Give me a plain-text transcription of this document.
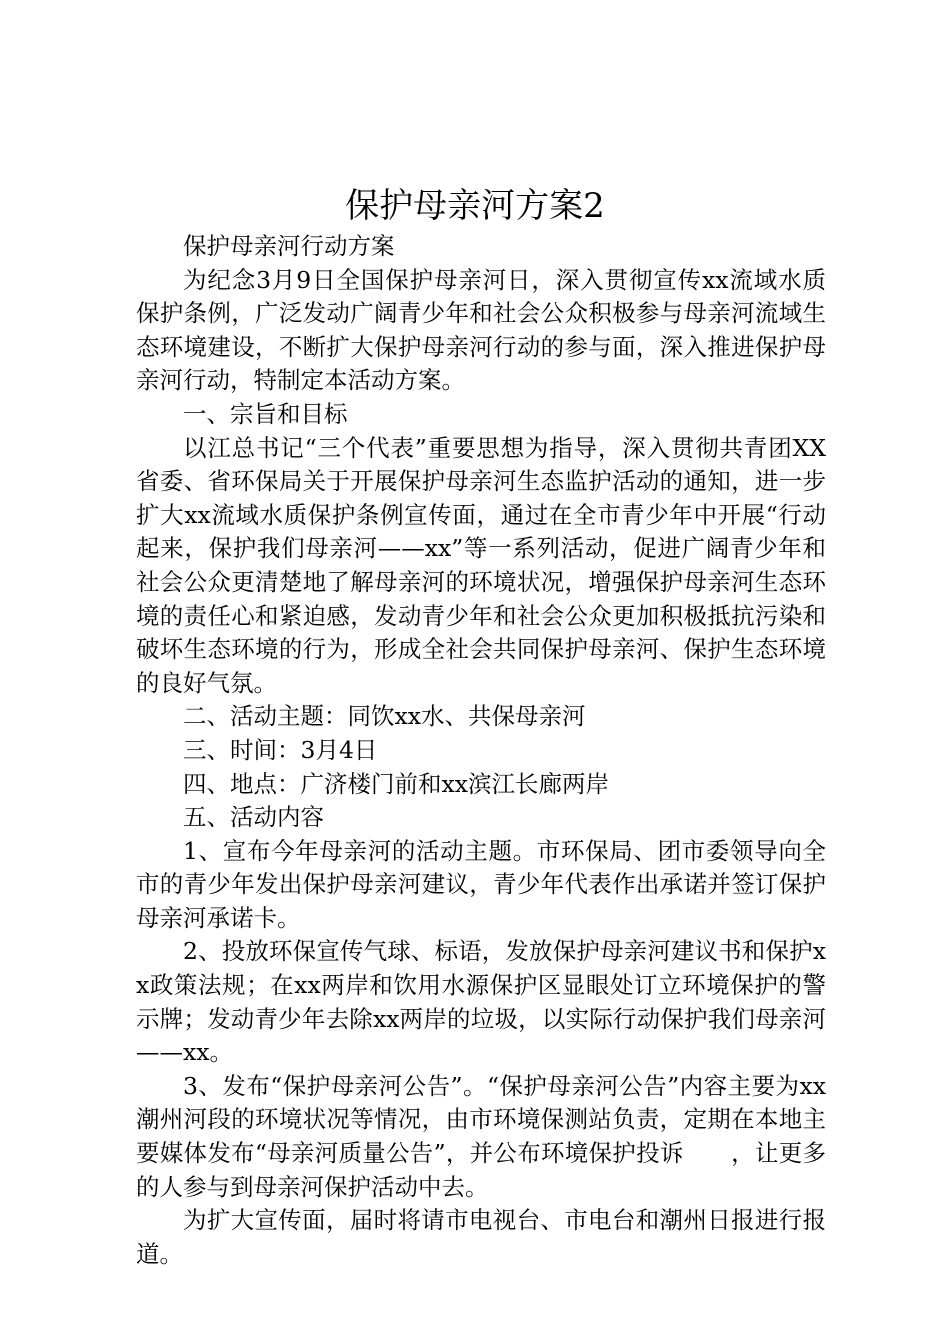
保护母亲河方案2

保护母亲河行动方案

为纪念3月9日全国保护母亲河日，深入贯彻宣传xx流域水质保护条例，广泛发动广阔青少年和社会公众积极参与母亲河流域生态环境建设，不断扩大保护母亲河行动的参与面，深入推进保护母亲河行动，特制定本活动方案。

一、宗旨和目标

以江总书记“三个代表”重要思想为指导，深入贯彻共青团XX省委、省环保局关于开展保护母亲河生态监护活动的通知，进一步扩大xx流域水质保护条例宣传面，通过在全市青少年中开展“行动起来，保护我们母亲河——xx”等一系列活动，促进广阔青少年和社会公众更清楚地了解母亲河的环境状况，增强保护母亲河生态环境的责任心和紧迫感，发动青少年和社会公众更加积极抵抗污染和破坏生态环境的行为，形成全社会共同保护母亲河、保护生态环境的良好气氛。

二、活动主题：同饮xx水、共保母亲河

三、时间：3月4日

四、地点：广济楼门前和xx滨江长廊两岸

五、活动内容

1、宣布今年母亲河的活动主题。市环保局、团市委领导向全市的青少年发出保护母亲河建议，青少年代表作出承诺并签订保护母亲河承诺卡。

2、投放环保宣传气球、标语，发放保护母亲河建议书和保护xx政策法规；在xx两岸和饮用水源保护区显眼处订立环境保护的警示牌；发动青少年去除xx两岸的垃圾，以实际行动保护我们母亲河——xx。

3、发布“保护母亲河公告”。“保护母亲河公告”内容主要为xx潮州河段的环境状况等情况，由市环境保测站负责，定期在本地主要媒体发布“母亲河质量公告”，并公布环境保护投诉　　，让更多的人参与到母亲河保护活动中去。

为扩大宣传面，届时将请市电视台、市电台和潮州日报进行报道。
